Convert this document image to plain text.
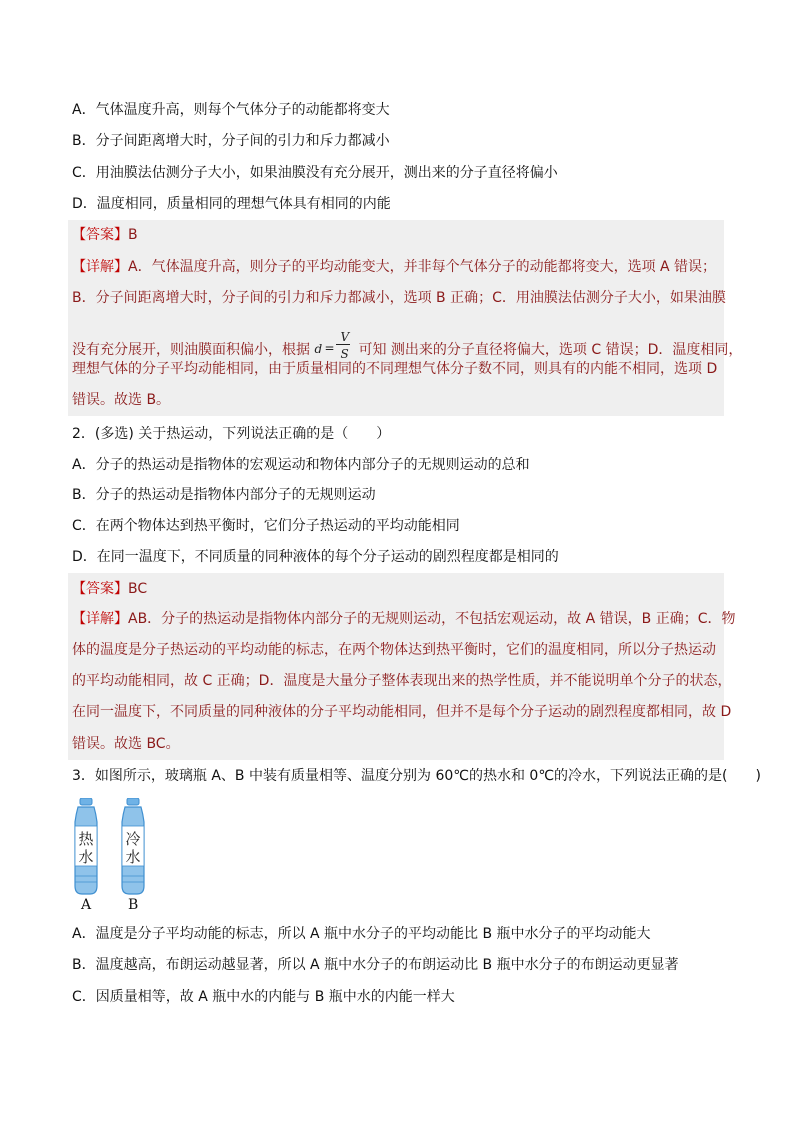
A．气体温度升高，则每个气体分子的动能都将变大
B．分子间距离增大时，分子间的引力和斥力都减小
C．用油膜法估测分子大小，如果油膜没有充分展开，测出来的分子直径将偏小
D．温度相同，质量相同的理想气体具有相同的内能
【答案】B
【详解】A．气体温度升高，则分子的平均动能变大，并非每个气体分子的动能都将变大，选项 A 错误；
B．分子间距离增大时，分子间的引力和斥力都减小，选项 B 正确；C．用油膜法估测分子大小，如果油膜
没有充分展开，则油膜面积偏小，根据 d =
V
S 可知 测出来的分子直径将偏大，选项 C 错误；D．温度相同，
理想气体的分子平均动能相同，由于质量相同的不同理想气体分子数不同，则具有的内能不相同，选项 D
错误。故选 B。
2．(多选) 关于热运动，下列说法正确的是（　　）
A．分子的热运动是指物体的宏观运动和物体内部分子的无规则运动的总和
B．分子的热运动是指物体内部分子的无规则运动
C．在两个物体达到热平衡时，它们分子热运动的平均动能相同
D．在同一温度下，不同质量的同种液体的每个分子运动的剧烈程度都是相同的
【答案】BC
【详解】AB．分子的热运动是指物体内部分子的无规则运动，不包括宏观运动，故 A 错误，B 正确；C．物
体的温度是分子热运动的平均动能的标志，在两个物体达到热平衡时，它们的温度相同，所以分子热运动
的平均动能相同，故 C 正确；D．温度是大量分子整体表现出来的热学性质，并不能说明单个分子的状态，
在同一温度下，不同质量的同种液体的分子平均动能相同，但并不是每个分子运动的剧烈程度都相同，故 D
错误。故选 BC。
3．如图所示，玻璃瓶 A、B 中装有质量相等、温度分别为 60℃的热水和 0℃的冷水，下列说法正确的是(　　)
热
水
冷
水
A	B
A．温度是分子平均动能的标志，所以 A 瓶中水分子的平均动能比 B 瓶中水分子的平均动能大
B．温度越高，布朗运动越显著，所以 A 瓶中水分子的布朗运动比 B 瓶中水分子的布朗运动更显著
C．因质量相等，故 A 瓶中水的内能与 B 瓶中水的内能一样大
